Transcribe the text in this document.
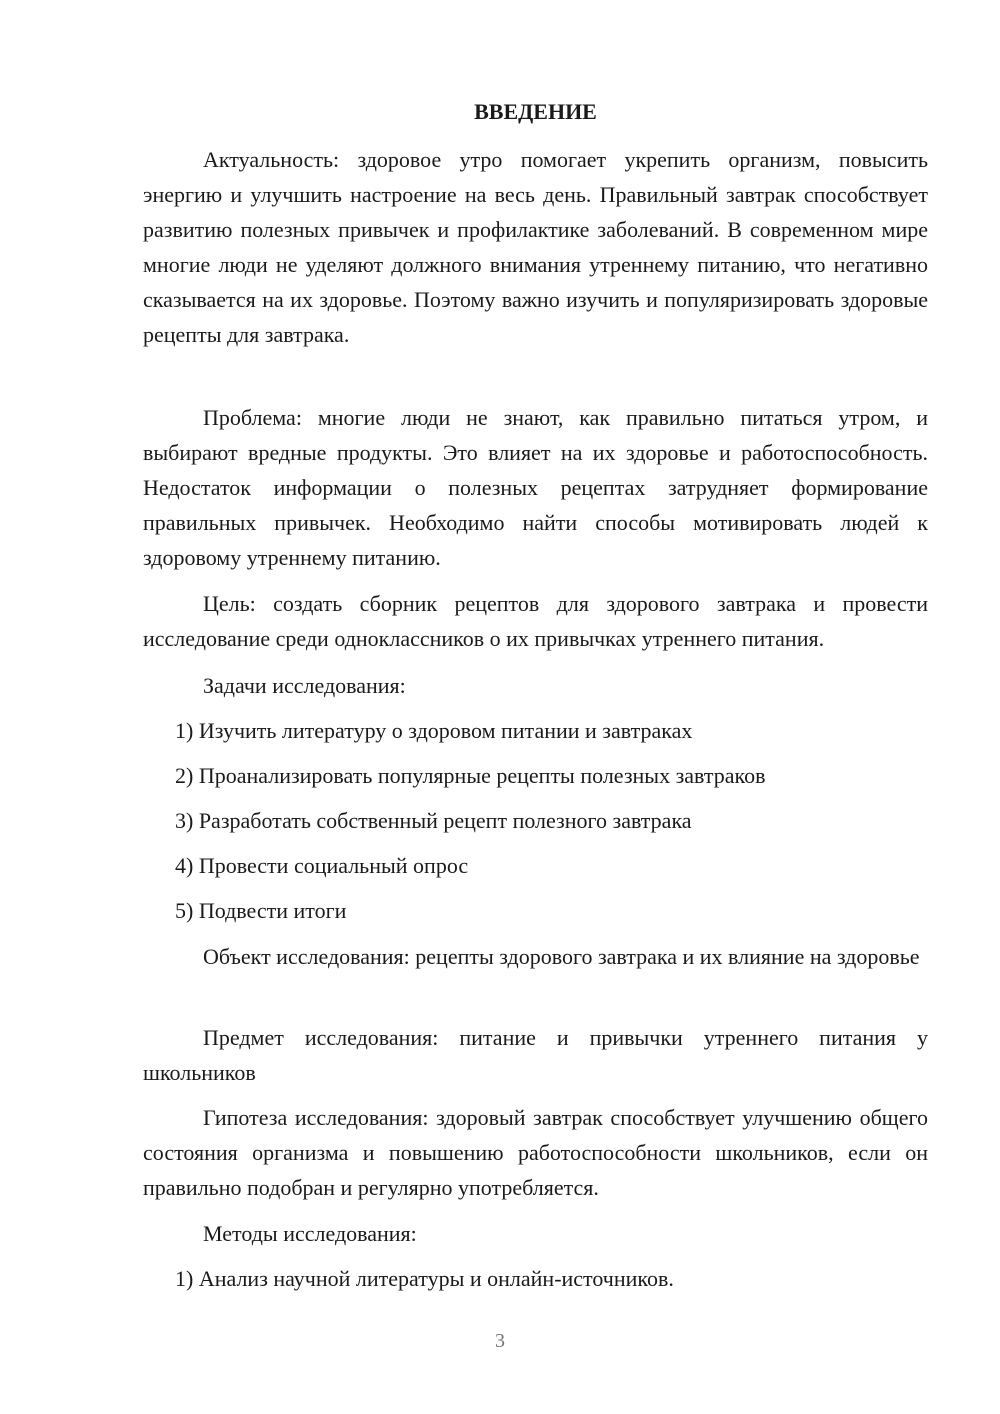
ВВЕДЕНИЕ

Актуальность: здоровое утро помогает укрепить организм, повысить энергию и улучшить настроение на весь день. Правильный завтрак способствует развитию полезных привычек и профилактике заболеваний. В современном мире многие люди не уделяют должного внимания утреннему питанию, что негативно сказывается на их здоровье. Поэтому важно изучить и популяризировать здоровые рецепты для завтрака.

Проблема: многие люди не знают, как правильно питаться утром, и выбирают вредные продукты. Это влияет на их здоровье и работоспособность. Недостаток информации о полезных рецептах затрудняет формирование правильных привычек. Необходимо найти способы мотивировать людей к здоровому утреннему питанию.

Цель: создать сборник рецептов для здорового завтрака и провести исследование среди одноклассников о их привычках утреннего питания.

Задачи исследования:

1) Изучить литературу о здоровом питании и завтраках

2) Проанализировать популярные рецепты полезных завтраков

3) Разработать собственный рецепт полезного завтрака

4) Провести социальный опрос

5) Подвести итоги

Объект исследования: рецепты здорового завтрака и их влияние на здоровье

Предмет исследования: питание и привычки утреннего питания у школьников

Гипотеза исследования: здоровый завтрак способствует улучшению общего состояния организма и повышению работоспособности школьников, если он правильно подобран и регулярно употребляется.

Методы исследования:

1) Анализ научной литературы и онлайн-источников.

3
